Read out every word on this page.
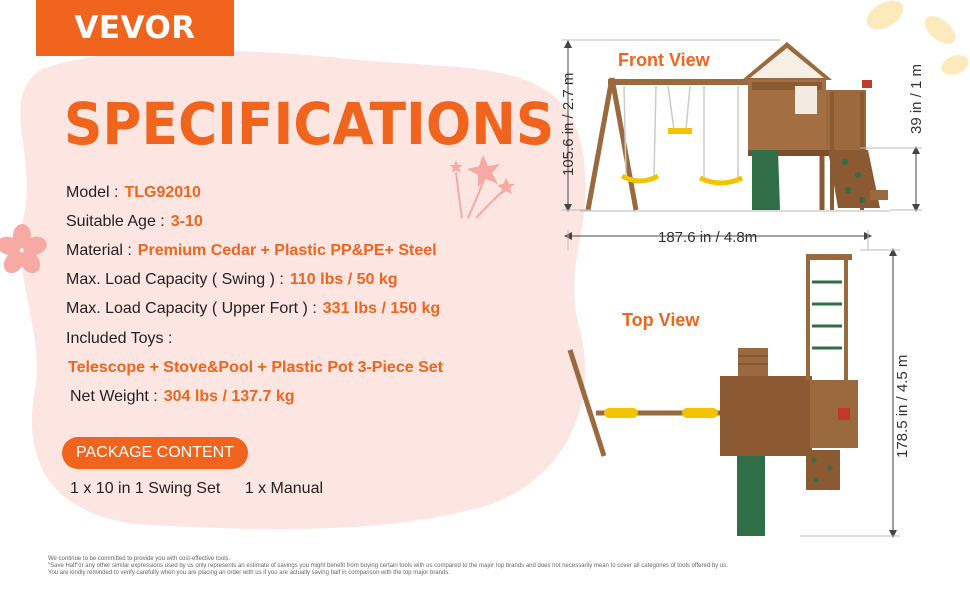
VEVOR
SPECIFICATIONS
Model : TLG92010
Suitable Age : 3-10
Material : Premium Cedar + Plastic PP&PE+ Steel
Max. Load Capacity ( Swing ) : 110 lbs / 50 kg
Max. Load Capacity ( Upper Fort ) : 331 lbs / 150 kg
Included Toys :
Telescope + Stove&Pool + Plastic Pot 3-Piece Set
Net Weight : 304 lbs / 137.7 kg
PACKAGE CONTENT
1 x 10 in 1 Swing Set 1 x Manual
We continue to be committed to provide you with cost-effective tools.
"Save Half"or any other similar expressions used by us only represents an estimate of savings you might benefit from buying certain tools with us compared to the major top brands and does not necessarily mean to cover all categories of tools offered by us.
You are kindly reminded to verify carefully when you are placing an order with us if you are actually saving half in comparison with the top major brands.
Front View
105.6 in / 2.7 m	39 in / 1 m
187.6 in / 4.8m
178.5 in / 4.5 m
Top View
